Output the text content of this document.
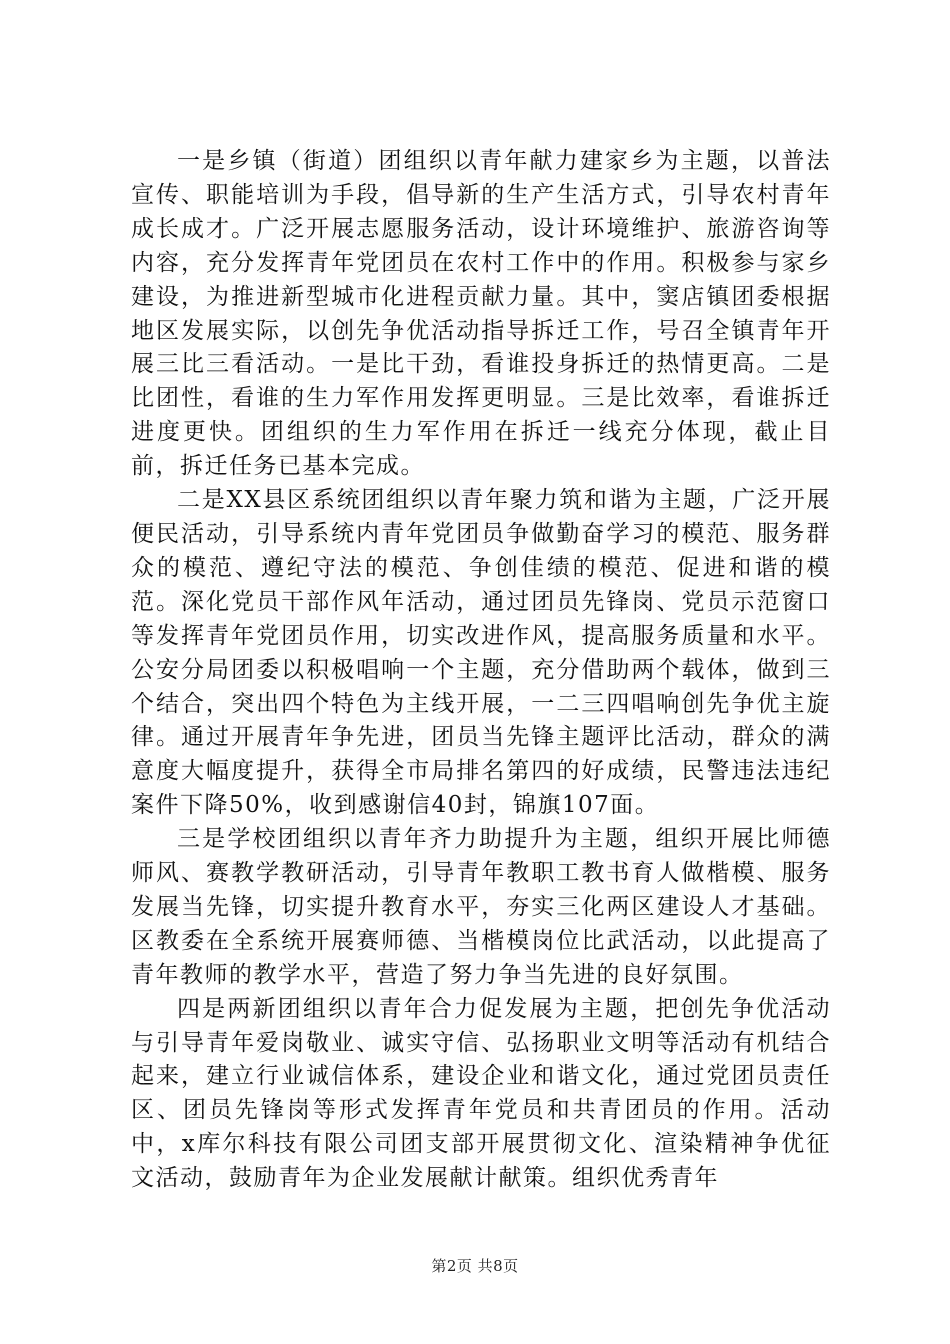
一是乡镇（街道）团组织以青年献力建家乡为主题，以普法宣传、职能培训为手段，倡导新的生产生活方式，引导农村青年成长成才。广泛开展志愿服务活动，设计环境维护、旅游咨询等内容，充分发挥青年党团员在农村工作中的作用。积极参与家乡建设，为推进新型城市化进程贡献力量。其中，窦店镇团委根据地区发展实际，以创先争优活动指导拆迁工作，号召全镇青年开展三比三看活动。一是比干劲，看谁投身拆迁的热情更高。二是比团性，看谁的生力军作用发挥更明显。三是比效率，看谁拆迁进度更快。团组织的生力军作用在拆迁一线充分体现，截止目前，拆迁任务已基本完成。

二是XX县区系统团组织以青年聚力筑和谐为主题，广泛开展便民活动，引导系统内青年党团员争做勤奋学习的模范、服务群众的模范、遵纪守法的模范、争创佳绩的模范、促进和谐的模范。深化党员干部作风年活动，通过团员先锋岗、党员示范窗口等发挥青年党团员作用，切实改进作风，提高服务质量和水平。公安分局团委以积极唱响一个主题，充分借助两个载体，做到三个结合，突出四个特色为主线开展，一二三四唱响创先争优主旋律。通过开展青年争先进，团员当先锋主题评比活动，群众的满意度大幅度提升，获得全市局排名第四的好成绩，民警违法违纪案件下降50%，收到感谢信40封，锦旗107面。

三是学校团组织以青年齐力助提升为主题，组织开展比师德师风、赛教学教研活动，引导青年教职工教书育人做楷模、服务发展当先锋，切实提升教育水平，夯实三化两区建设人才基础。区教委在全系统开展赛师德、当楷模岗位比武活动，以此提高了青年教师的教学水平，营造了努力争当先进的良好氛围。

四是两新团组织以青年合力促发展为主题，把创先争优活动与引导青年爱岗敬业、诚实守信、弘扬职业文明等活动有机结合起来，建立行业诚信体系，建设企业和谐文化，通过党团员责任区、团员先锋岗等形式发挥青年党员和共青团员的作用。活动中，x库尔科技有限公司团支部开展贯彻文化、渲染精神争优征文活动，鼓励青年为企业发展献计献策。组织优秀青年

第2页 共8页
